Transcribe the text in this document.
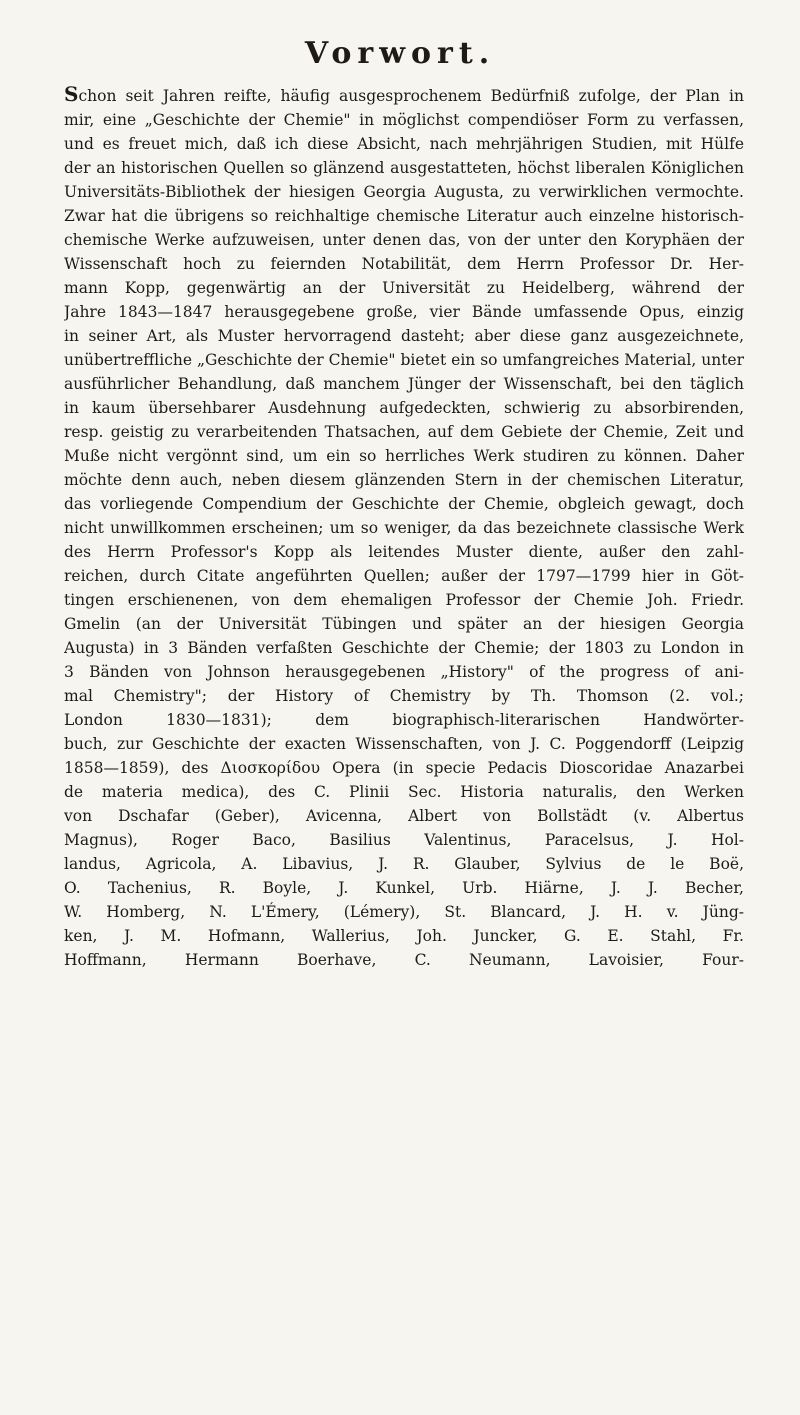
Vorwort.
Schon seit Jahren reifte, häufig ausgesprochenem Bedürfniß zufolge, der Plan in
mir, eine „Geschichte der Chemie" in möglichst compendiöser Form zu verfassen,
und es freuet mich, daß ich diese Absicht, nach mehrjährigen Studien, mit Hülfe
der an historischen Quellen so glänzend ausgestatteten, höchst liberalen Königlichen
Universitäts-Bibliothek der hiesigen Georgia Augusta, zu verwirklichen vermochte.
Zwar hat die übrigens so reichhaltige chemische Literatur auch einzelne historisch-
chemische Werke aufzuweisen, unter denen das, von der unter den Koryphäen der
Wissenschaft hoch zu feiernden Notabilität, dem Herrn Professor Dr. Her-
mann Kopp, gegenwärtig an der Universität zu Heidelberg, während der
Jahre 1843—1847 herausgegebene große, vier Bände umfassende Opus, einzig
in seiner Art, als Muster hervorragend dasteht; aber diese ganz ausgezeichnete,
unübertreffliche „Geschichte der Chemie" bietet ein so umfangreiches Material, unter
ausführlicher Behandlung, daß manchem Jünger der Wissenschaft, bei den täglich
in kaum übersehbarer Ausdehnung aufgedeckten, schwierig zu absorbirenden,
resp. geistig zu verarbeitenden Thatsachen, auf dem Gebiete der Chemie, Zeit und
Muße nicht vergönnt sind, um ein so herrliches Werk studiren zu können. Daher
möchte denn auch, neben diesem glänzenden Stern in der chemischen Literatur,
das vorliegende Compendium der Geschichte der Chemie, obgleich gewagt, doch
nicht unwillkommen erscheinen; um so weniger, da das bezeichnete classische Werk
des Herrn Professor's Kopp als leitendes Muster diente, außer den zahl-
reichen, durch Citate angeführten Quellen; außer der 1797—1799 hier in Göt-
tingen erschienenen, von dem ehemaligen Professor der Chemie Joh. Friedr.
Gmelin (an der Universität Tübingen und später an der hiesigen Georgia
Augusta) in 3 Bänden verfaßten Geschichte der Chemie; der 1803 zu London in
3 Bänden von Johnson herausgegebenen „History" of the progress of ani-
mal Chemistry"; der History of Chemistry by Th. Thomson (2. vol.;
London 1830—1831); dem biographisch-literarischen Handwörter-
buch, zur Geschichte der exacten Wissenschaften, von J. C. Poggendorff (Leipzig
1858—1859), des Διοσκορίδου Opera (in specie Pedacis Dioscoridae Anazarbei
de materia medica), des C. Plinii Sec. Historia naturalis, den Werken
von Dschafar (Geber), Avicenna, Albert von Bollstädt (v. Albertus
Magnus), Roger Baco, Basilius Valentinus, Paracelsus, J. Hol-
landus, Agricola, A. Libavius, J. R. Glauber, Sylvius de le Boë,
O. Tachenius, R. Boyle, J. Kunkel, Urb. Hiärne, J. J. Becher,
W. Homberg, N. L'Émery, (Lémery), St. Blancard, J. H. v. Jüng-
ken, J. M. Hofmann, Wallerius, Joh. Juncker, G. E. Stahl, Fr.
Hoffmann, Hermann Boerhave, C. Neumann, Lavoisier, Four-
